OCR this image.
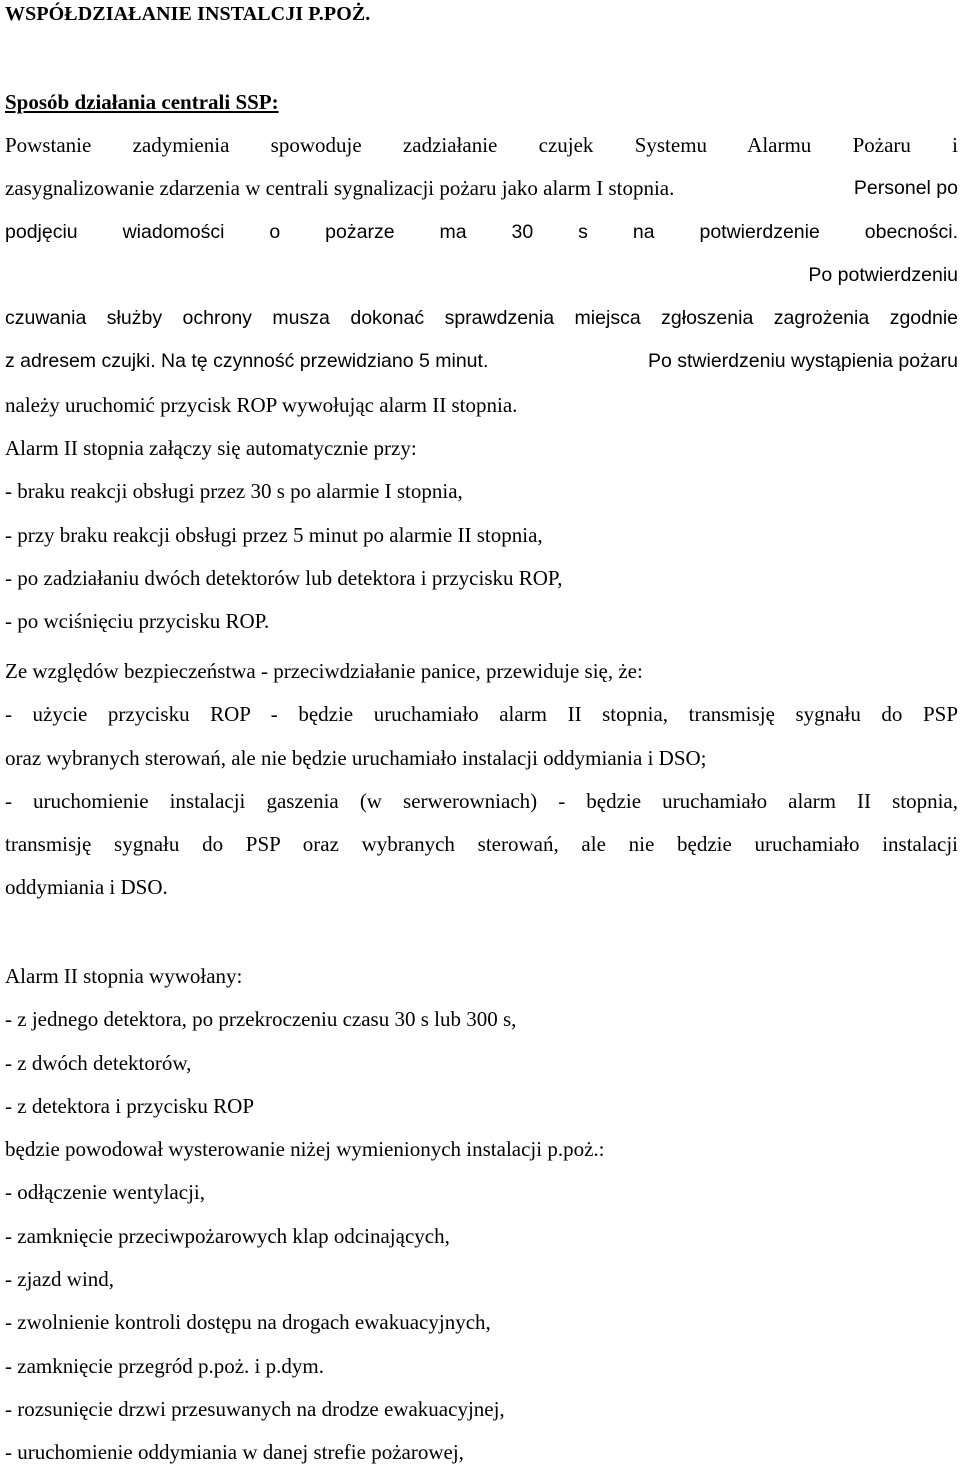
WSPÓŁDZIAŁANIE INSTALCJI P.POŻ.
Sposób działania centrali SSP:
Powstanie zadymienia spowoduje zadziałanie czujek Systemu Alarmu Pożaru i
zasygnalizowanie zdarzenia w centrali sygnalizacji pożaru jako alarm I stopnia.	Personel po
podjęciu wiadomości o pożarze ma 30 s na potwierdzenie obecności.
Po potwierdzeniu
czuwania służby ochrony musza dokonać sprawdzenia miejsca zgłoszenia zagrożenia zgodnie
z adresem czujki. Na tę czynność przewidziano 5 minut.	Po stwierdzeniu wystąpienia pożaru
należy uruchomić przycisk ROP wywołując alarm II stopnia.
Alarm II stopnia załączy się automatycznie przy:
- braku reakcji obsługi przez 30 s po alarmie I stopnia,
- przy braku reakcji obsługi przez 5 minut po alarmie II stopnia,
- po zadziałaniu dwóch detektorów lub detektora i przycisku ROP,
- po wciśnięciu przycisku ROP.
Ze względów bezpieczeństwa - przeciwdziałanie panice, przewiduje się, że:
- użycie przycisku ROP - będzie uruchamiało alarm II stopnia, transmisję sygnału do PSP
oraz wybranych sterowań, ale nie będzie uruchamiało instalacji oddymiania i DSO;
- uruchomienie instalacji gaszenia (w serwerowniach) - będzie uruchamiało alarm II stopnia,
transmisję sygnału do PSP oraz wybranych sterowań, ale nie będzie uruchamiało instalacji
oddymiania i DSO.
Alarm II stopnia wywołany:
- z jednego detektora, po przekroczeniu czasu 30 s lub 300 s,
- z dwóch detektorów,
- z detektora i przycisku ROP
będzie powodował wysterowanie niżej wymienionych instalacji p.poż.:
- odłączenie wentylacji,
- zamknięcie przeciwpożarowych klap odcinających,
- zjazd wind,
- zwolnienie kontroli dostępu na drogach ewakuacyjnych,
- zamknięcie przegród p.poż. i p.dym.
- rozsunięcie drzwi przesuwanych na drodze ewakuacyjnej,
- uruchomienie oddymiania w danej strefie pożarowej,
